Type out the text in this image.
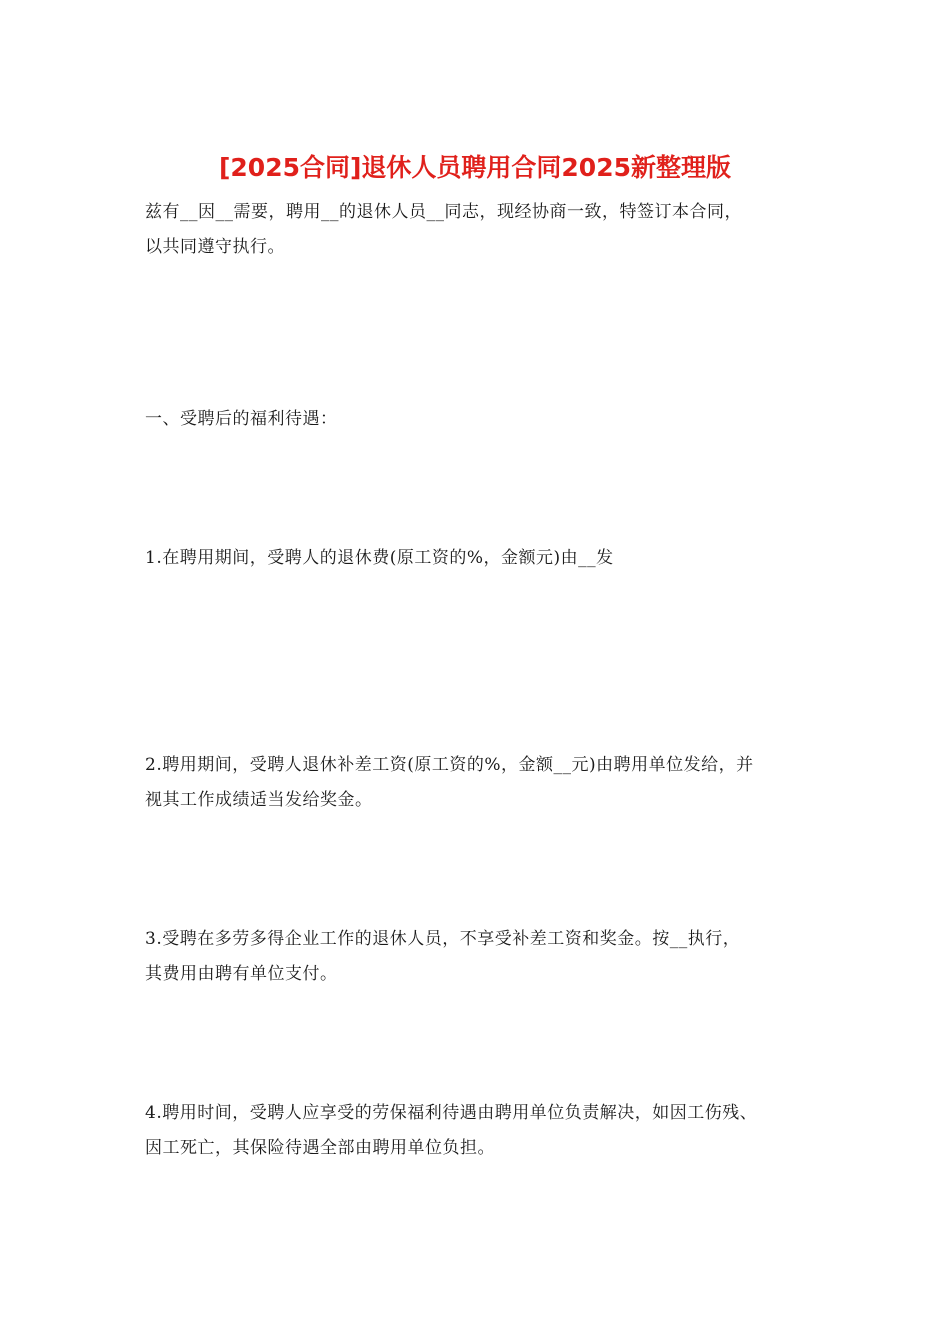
[2025合同]退休人员聘用合同2025新整理版

兹有__因__需要，聘用__的退休人员__同志，现经协商一致，特签订本合同，
以共同遵守执行。

一、受聘后的福利待遇：

1.在聘用期间，受聘人的退休费(原工资的%，金额元)由__发

2.聘用期间，受聘人退休补差工资(原工资的%，金额__元)由聘用单位发给，并
视其工作成绩适当发给奖金。

3.受聘在多劳多得企业工作的退休人员，不享受补差工资和奖金。按__执行，
其费用由聘有单位支付。

4.聘用时间，受聘人应享受的劳保福利待遇由聘用单位负责解决，如因工伤残、
因工死亡，其保险待遇全部由聘用单位负担。
